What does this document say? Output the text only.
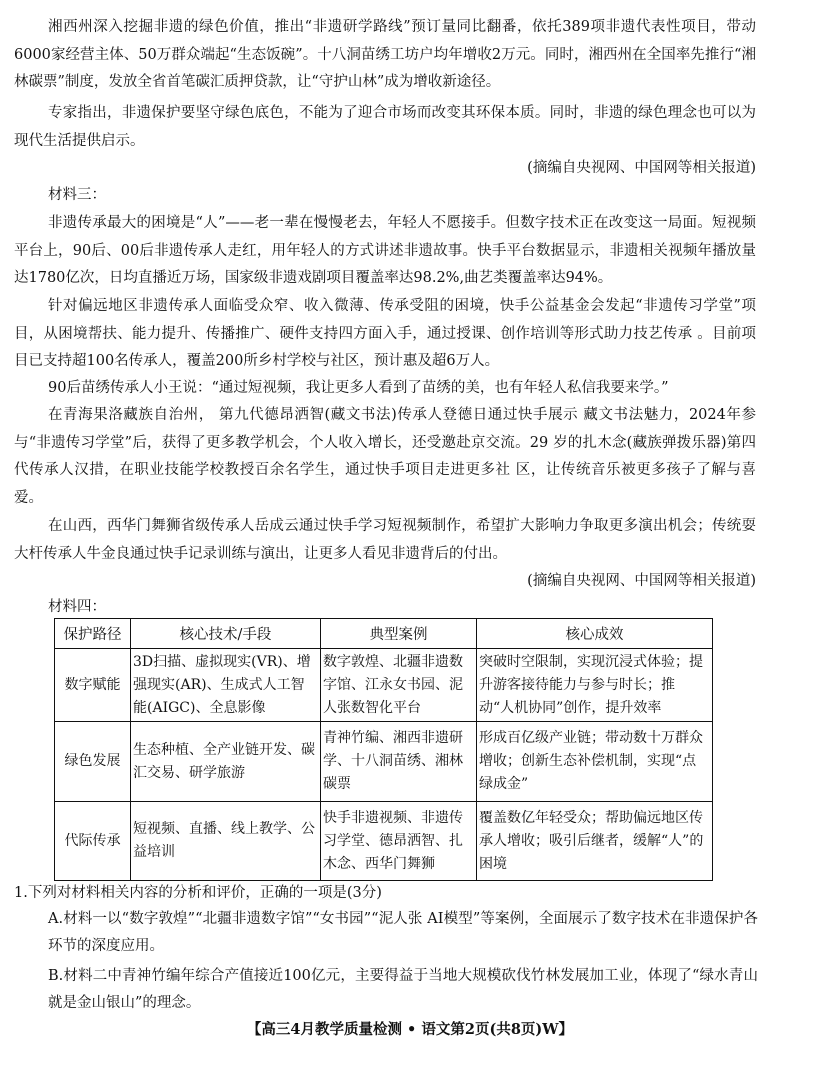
湘西州深入挖掘非遗的绿色价值，推出“非遗研学路线”预订量同比翻番，依托389项非遗代表性项目，带动6000家经营主体、50万群众端起“生态饭碗”。十八洞苗绣工坊户均年增收2万元。同时，湘西州在全国率先推行“湘林碳票”制度，发放全省首笔碳汇质押贷款，让“守护山林”成为增收新途径。

专家指出，非遗保护要坚守绿色底色，不能为了迎合市场而改变其环保本质。同时，非遗的绿色理念也可以为现代生活提供启示。

(摘编自央视网、中国网等相关报道)
材料三：

非遗传承最大的困境是“人”——老一辈在慢慢老去，年轻人不愿接手。但数字技术正在改变这一局面。短视频平台上，90后、00后非遗传承人走红，用年轻人的方式讲述非遗故事。快手平台数据显示，非遗相关视频年播放量达1780亿次，日均直播近万场，国家级非遗戏剧项目覆盖率达98.2%,曲艺类覆盖率达94%。

针对偏远地区非遗传承人面临受众窄、收入微薄、传承受阻的困境，快手公益基金会发起“非遗传习学堂”项目，从困境帮扶、能力提升、传播推广、硬件支持四方面入手，通过授课、创作培训等形式助力技艺传承 。目前项目已支持超100名传承人，覆盖200所乡村学校与社区，预计惠及超6万人。

90后苗绣传承人小王说：“通过短视频，我让更多人看到了苗绣的美，也有年轻人私信我要来学。”

在青海果洛藏族自治州， 第九代德昂洒智(藏文书法)传承人登德日通过快手展示 藏文书法魅力，2024年参与“非遗传习学堂”后，获得了更多教学机会，个人收入增长，还受邀赴京交流。29 岁的扎木念(藏族弹拨乐器)第四代传承人汉措，在职业技能学校教授百余名学生，通过快手项目走进更多社 区，让传统音乐被更多孩子了解与喜爱。

在山西，西华门舞狮省级传承人岳成云通过快手学习短视频制作，希望扩大影响力争取更多演出机会；传统耍大杆传承人牛金良通过快手记录训练与演出，让更多人看见非遗背后的付出。

(摘编自央视网、中国网等相关报道)
材料四：
保护路径	核心技术/手段	典型案例	核心成效
数字赋能	3D扫描、虚拟现实(VR)、增强现实(AR)、生成式人工智能(AIGC)、全息影像	数字敦煌、北疆非遗数字馆、江永女书园、泥人张数智化平台	突破时空限制，实现沉浸式体验；提升游客接待能力与参与时长；推动“人机协同”创作，提升效率
绿色发展	生态种植、全产业链开发、碳汇交易、研学旅游	青神竹编、湘西非遗研学、十八洞苗绣、湘林碳票	形成百亿级产业链；带动数十万群众增收；创新生态补偿机制，实现“点绿成金”
代际传承	短视频、直播、线上教学、公益培训	快手非遗视频、非遗传习学堂、德昂洒智、扎木念、西华门舞狮	覆盖数亿年轻受众；帮助偏远地区传承人增收；吸引后继者，缓解“人”的困境

1.下列对材料相关内容的分析和评价，正确的一项是(3分)

A.材料一以“数字敦煌”“北疆非遗数字馆”“女书园”“泥人张 AI模型”等案例，全面展示了数字技术在非遗保护各环节的深度应用。

B.材料二中青神竹编年综合产值接近100亿元，主要得益于当地大规模砍伐竹林发展加工业，体现了“绿水青山就是金山银山”的理念。

【高三4月教学质量检测 • 语文第2页(共8页)W】
